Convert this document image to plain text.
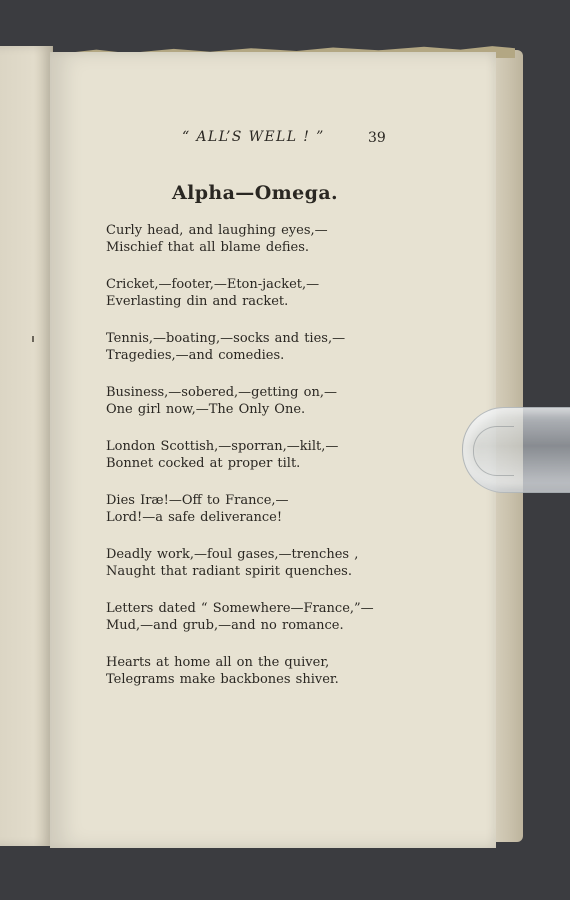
“ ALL’S WELL ! ”	39
Alpha—Omega.
Curly head, and laughing eyes,—
Mischief that all blame defies.
Cricket,—footer,—Eton-jacket,—
Everlasting din and racket.
Tennis,—boating,—socks and ties,—
Tragedies,—and comedies.
Business,—sobered,—getting on,—
One girl now,—The Only One.
London Scottish,—sporran,—kilt,—
Bonnet cocked at proper tilt.
Dies Iræ!—Off to France,—
Lord!—a safe deliverance!
Deadly work,—foul gases,—trenches ,
Naught that radiant spirit quenches.
Letters dated “ Somewhere—France,”—
Mud,—and grub,—and no romance.
Hearts at home all on the quiver,
Telegrams make backbones shiver.
